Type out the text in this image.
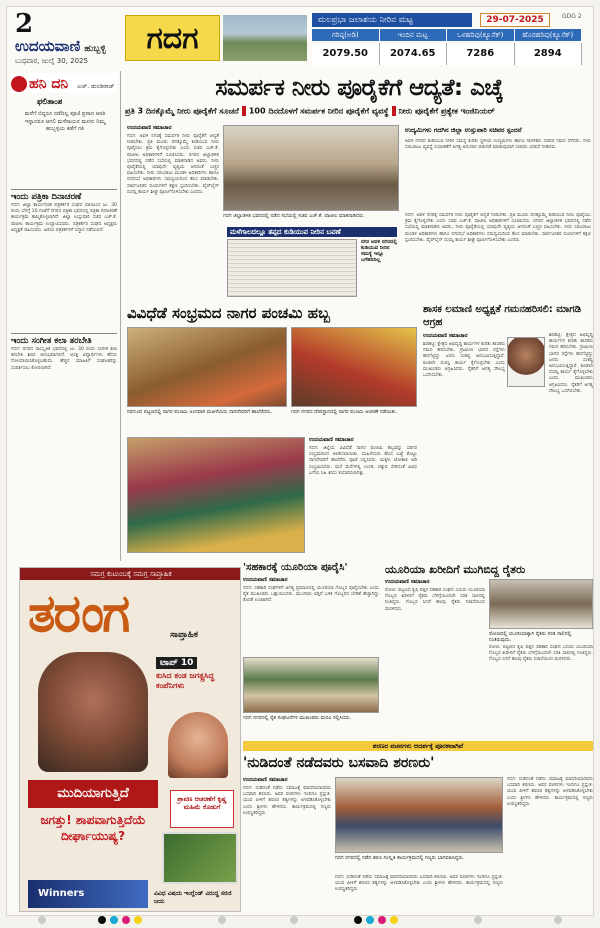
2
ಉದಯವಾಣಿ ಹುಬ್ಬಳ್ಳಿ
ಬುಧವಾರ, ಜುಲೈ 30, 2025
ಗದಗ
ಮಲಪ್ರಭಾ ಜಲಾಶಯ ನೀರಿನ ಮಟ್ಟ	29-07-2025	GDG 2
ಗರಿಷ್ಠ(ಅಡಿ)	ಇಂದಿನ ಮಟ್ಟ	ಒಳಹರಿವು(ಕ್ಯೂಸೆಕ್)	ಹೊರಹರಿವು(ಕ್ಯೂಸೆಕ್)
2079.50	2074.65	7286	2894
ಹನಿ ದನಿ ಎಚ್. ಡುಂಡಿರಾಜ್
ಫಲಿತಾಂಶ
ಮಳೆಗೆ ಬಿದ್ದರೂ ನಡೆದಿಲ್ಲ ಪೂಜೆ ಪ್ರಸಾದ ಆರತಿ ಇನ್ನಾದರೂ ಆಗಲಿ ಮಳೆರಾಯನ ಮನಸು ನಿಮ್ಮ ಹುಬ್ಬಳ್ಳಿಯ ಕಡೆಗೆ ಗತಿ
ಇಂದು ಪತ್ರಿಕಾ ದಿನಾಚರಣೆ
ಗದಗ: ಜಿಲ್ಲಾ ಕಾರ್ಯನಿರತ ಪತ್ರಕರ್ತರ ಸಂಘದ ವತಿಯಿಂದ ಜು. 30 ರಂದು ಬೆಳಗ್ಗೆ 10 ಗಂಟೆಗೆ ನಗರದ ಪತ್ರಿಕಾ ಭವನದಲ್ಲಿ ಪತ್ರಿಕಾ ದಿನಾಚರಣೆ ಕಾರ್ಯಕ್ರಮ ಹಮ್ಮಿಕೊಳ್ಳಲಾಗಿದೆ. ಜಿಲ್ಲಾ ಉಸ್ತುವಾರಿ ಸಚಿವ ಎಚ್.ಕೆ. ಪಾಟೀಲ ಕಾರ್ಯಕ್ರಮ ಉದ್ಘಾಟಿಸುವರು. ಪತ್ರಕರ್ತರ ಸಂಘದ ಅಧ್ಯಕ್ಷರು ಅಧ್ಯಕ್ಷತೆ ವಹಿಸುವರು. ಹಿರಿಯ ಪತ್ರಕರ್ತರಿಗೆ ಸನ್ಮಾನ ನಡೆಯಲಿದೆ.
ಇಂದು ಸಂಗೀತ ಕಲಾ ತರಬೇತಿ
ಗದಗ: ನಗರದ ಸಾಂಸ್ಕೃತಿಕ ಭವನದಲ್ಲಿ ಜು. 30 ರಂದು ಸಂಗೀತ ಕಲಾ ತರಬೇತಿ ಶಿಬಿರ ಆರಂಭವಾಗಲಿದೆ. ಆಸಕ್ತ ವಿದ್ಯಾರ್ಥಿಗಳು ಹೆಸರು ನೋಂದಾಯಿಸಿಕೊಳ್ಳಬಹುದು. ಹೆಚ್ಚಿನ ಮಾಹಿತಿಗೆ ಸಂಘಟಕರನ್ನು ಸಂಪರ್ಕಿಸಲು ಕೋರಲಾಗಿದೆ.
ಸಮರ್ಪಕ ನೀರು ಪೂರೈಕೆಗೆ ಆದ್ಯತೆ: ಎಚ್ಕೆ
ಪ್ರತಿ 3 ದಿನಕ್ಕೊಮ್ಮೆ ನೀರು ಪೂರೈಕೆಗೆ ಸೂಚನೆ 100 ದಿನದೊಳಗೆ ಸಮರ್ಪಕ ನೀರಿನ ಪೂರೈಕೆಗೆ ವ್ಯವಸ್ಥೆ ನೀರು ಪೂರೈಕೆಗೆ ಪ್ರತ್ಯೇಕ ಇಂಜಿನಿಯರ್
ಉದಯವಾಣಿ ಸಮಾಚಾರ
ಗದಗ: ಅವಳಿ ನಗರಕ್ಕೆ ಸಮರ್ಪಕ ನೀರು ಪೂರೈಕೆಗೆ ಆದ್ಯತೆ ನೀಡಬೇಕು. ಪ್ರತಿ ಮೂರು ದಿನಕ್ಕೊಮ್ಮೆ ಕುಡಿಯುವ ನೀರು ಪೂರೈಸಲು ಕ್ರಮ ಕೈಗೊಳ್ಳಬೇಕು ಎಂದು ಸಚಿವ ಎಚ್.ಕೆ. ಪಾಟೀಲ ಅಧಿಕಾರಿಗಳಿಗೆ ಸೂಚಿಸಿದರು. ನಗರದ ಜಿಲ್ಲಾಡಳಿತ ಭವನದಲ್ಲಿ ನಡೆದ ಸಭೆಯಲ್ಲಿ ಮಾತನಾಡಿದ ಅವರು, ನೀರು ಪೂರೈಕೆಯಲ್ಲಿ ಯಾವುದೇ ವ್ಯತ್ಯಯ ಆಗದಂತೆ ಎಚ್ಚರ ವಹಿಸಬೇಕು. ನೀರು ಸರಬರಾಜು ಮಂಡಳಿ ಅಧಿಕಾರಿಗಳು ಹಾಗೂ ನಗರಸಭೆ ಅಧಿಕಾರಿಗಳು ಸಮನ್ವಯದಿಂದ ಕೆಲಸ ಮಾಡಬೇಕು. ಸಾರ್ವಜನಿಕರ ದೂರುಗಳಿಗೆ ತಕ್ಷಣ ಸ್ಪಂದಿಸಬೇಕು. ಪೈಪ್‌ಲೈನ್ ದುರಸ್ತಿ ಕಾರ್ಯ ಶೀಘ್ರ ಪೂರ್ಣಗೊಳಿಸಬೇಕು ಎಂದರು.
ಗದಗ ಜಿಲ್ಲಾಡಳಿತ ಭವನದಲ್ಲಿ ನಡೆದ ಸಭೆಯಲ್ಲಿ ಸಚಿವ ಎಚ್.ಕೆ. ಪಾಟೀಲ ಮಾತನಾಡಿದರು.
ಉದ್ಯಮಿಗಳು ಗದಗಿನ ಜಿಲ್ಲಾ ಉಸ್ತುವಾರಿ ಸಚಿವರ ಸ್ಪಂದನೆ
ಅವಳಿ ನಗರದ ಕುಡಿಯುವ ನೀರಿನ ಸಮಸ್ಯೆ ಕುರಿತು ಸ್ಥಳೀಯ ಉದ್ಯಮಿಗಳು ಹಾಗೂ ನಾಗರಿಕರು ಸಚಿವರ ಗಮನ ಸೆಳೆದರು. ನೀರು ಸರಬರಾಜು ವ್ಯವಸ್ಥೆ ಸುಧಾರಣೆಗೆ ಅಗತ್ಯ ಅನುದಾನ ಬಿಡುಗಡೆ ಮಾಡುವುದಾಗಿ ಸಚಿವರು ಭರವಸೆ ನೀಡಿದರು.
ಮಳೆಗಾಲದಲ್ಲೂ ತಪ್ಪದ ಕುಡಿಯುವ ನೀರಿನ ಬವಣೆ
ನಗರ ಅವಳಿ ನಗರದಲ್ಲಿ ಕುಡಿಯುವ ನೀರಿನ ಸಮಸ್ಯೆ ಇನ್ನೂ ಬಗೆಹರಿದಿಲ್ಲ
ಗದಗ: ಅವಳಿ ನಗರಕ್ಕೆ ಸಮರ್ಪಕ ನೀರು ಪೂರೈಕೆಗೆ ಆದ್ಯತೆ ನೀಡಬೇಕು. ಪ್ರತಿ ಮೂರು ದಿನಕ್ಕೊಮ್ಮೆ ಕುಡಿಯುವ ನೀರು ಪೂರೈಸಲು ಕ್ರಮ ಕೈಗೊಳ್ಳಬೇಕು ಎಂದು ಸಚಿವ ಎಚ್.ಕೆ. ಪಾಟೀಲ ಅಧಿಕಾರಿಗಳಿಗೆ ಸೂಚಿಸಿದರು. ನಗರದ ಜಿಲ್ಲಾಡಳಿತ ಭವನದಲ್ಲಿ ನಡೆದ ಸಭೆಯಲ್ಲಿ ಮಾತನಾಡಿದ ಅವರು, ನೀರು ಪೂರೈಕೆಯಲ್ಲಿ ಯಾವುದೇ ವ್ಯತ್ಯಯ ಆಗದಂತೆ ಎಚ್ಚರ ವಹಿಸಬೇಕು. ನೀರು ಸರಬರಾಜು ಮಂಡಳಿ ಅಧಿಕಾರಿಗಳು ಹಾಗೂ ನಗರಸಭೆ ಅಧಿಕಾರಿಗಳು ಸಮನ್ವಯದಿಂದ ಕೆಲಸ ಮಾಡಬೇಕು. ಸಾರ್ವಜನಿಕರ ದೂರುಗಳಿಗೆ ತಕ್ಷಣ ಸ್ಪಂದಿಸಬೇಕು. ಪೈಪ್‌ಲೈನ್ ದುರಸ್ತಿ ಕಾರ್ಯ ಶೀಘ್ರ ಪೂರ್ಣಗೊಳಿಸಬೇಕು ಎಂದರು.
ವಿವಿಧೆಡೆ ಸಂಭ್ರಮದ ನಾಗರ ಪಂಚಮಿ ಹಬ್ಬ
ನರಗುಂದ ಪಟ್ಟಣದಲ್ಲಿ ನಾಗರ ಪಂಚಮಿ ಅಂಗವಾಗಿ ಮಹಿಳೆಯರು ನಾಗದೇವರಿಗೆ ಹಾಲೆರೆದರು.	ಗದಗ ನಗರದ ದೇವಸ್ಥಾನದಲ್ಲಿ ನಾಗರ ಪಂಚಮಿ ಆಚರಣೆ ನಡೆಯಿತು.
ಉದಯವಾಣಿ ಸಮಾಚಾರ
ಗದಗ: ಜಿಲ್ಲೆಯ ವಿವಿಧೆಡೆ ನಾಗರ ಪಂಚಮಿ ಹಬ್ಬವನ್ನು ಸಡಗರ ಸಂಭ್ರಮದಿಂದ ಆಚರಿಸಲಾಯಿತು. ಮಹಿಳೆಯರು ಹೊಸ ಬಟ್ಟೆ ತೊಟ್ಟು ನಾಗದೇವರಿಗೆ ಹಾಲೆರೆದು ಪೂಜೆ ಸಲ್ಲಿಸಿದರು. ಮಕ್ಕಳು ಜೋಕಾಲಿ ಆಡಿ ಸಂಭ್ರಮಿಸಿದರು. ಮನೆ ಮನೆಗಳಲ್ಲಿ ಉಂಡಿ, ಚಕ್ಕುಲಿ ಸೇರಿದಂತೆ ವಿವಿಧ ಬಗೆಯ ಸಿಹಿ ತಿನಿಸು ತಯಾರಿಸಲಾಗಿತ್ತು.
ಶಾಸಕ ಲಮಾಣಿ ಅಧ್ಯಕ್ಷತೆ ಗಮನಹರಿಸಲಿ: ಮಾಗಡಿ ಆಗ್ರಹ
ಉದಯವಾಣಿ ಸಮಾಚಾರ
ಶಿರಹಟ್ಟಿ: ಕ್ಷೇತ್ರದ ಅಭಿವೃದ್ಧಿ ಕಾರ್ಯಗಳ ಕುರಿತು ಶಾಸಕರು ಗಮನ ಹರಿಸಬೇಕು. ಗ್ರಾಮೀಣ ಭಾಗದ ರಸ್ತೆಗಳು ಹದಗೆಟ್ಟಿದ್ದು ಜನರು ಸಂಕಷ್ಟ ಅನುಭವಿಸುತ್ತಿದ್ದಾರೆ. ಕೂಡಲೇ ದುರಸ್ತಿ ಕಾರ್ಯ ಕೈಗೊಳ್ಳಬೇಕು ಎಂದು ಮುಖಂಡರು ಆಗ್ರಹಿಸಿದರು. ರೈತರಿಗೆ ಅಗತ್ಯ ಸೌಲಭ್ಯ ಒದಗಿಸಬೇಕು.
ಶಿರಹಟ್ಟಿ: ಕ್ಷೇತ್ರದ ಅಭಿವೃದ್ಧಿ ಕಾರ್ಯಗಳ ಕುರಿತು ಶಾಸಕರು ಗಮನ ಹರಿಸಬೇಕು. ಗ್ರಾಮೀಣ ಭಾಗದ ರಸ್ತೆಗಳು ಹದಗೆಟ್ಟಿದ್ದು ಜನರು ಸಂಕಷ್ಟ ಅನುಭವಿಸುತ್ತಿದ್ದಾರೆ. ಕೂಡಲೇ ದುರಸ್ತಿ ಕಾರ್ಯ ಕೈಗೊಳ್ಳಬೇಕು ಎಂದು ಮುಖಂಡರು ಆಗ್ರಹಿಸಿದರು. ರೈತರಿಗೆ ಅಗತ್ಯ ಸೌಲಭ್ಯ ಒದಗಿಸಬೇಕು.
ಸಮಗ್ರ ಕುಟುಂಬಕ್ಕೆ ಸಮಗ್ರ ಸಾಪ್ತಾಹಿಕ
ತರಂಗ	ಸಾಪ್ತಾಹಿಕ
ಟಾಪ್ 10
ಕುಸಿದ ಕಂಡ ಜಗತ್ಪ್ರಸಿದ್ಧ ಕಂಪೆನಿಗಳು
ಮುದಿಯಾಗುತ್ತಿದೆ
ಜಗತ್ತು! ಶಾಪವಾಗುತ್ತಿದೆಯೆ ದೀರ್ಘಾಯುಷ್ಯ?
ಶ್ರಾವಣ ಆಚರಣೆಗೆ ಕೃಷ್ಣ ಮಹಿಮೆ ಕೊಡುಗೆ
Winners	ವಿವಿಧ ವಿಷಯ ಇಂಗ್ಲೆಂಡ್ ವಿರುದ್ಧ ಸರಣಿ ಜಯ
'ಸಹಕಾರಕ್ಕೆ ಯೂರಿಯಾ ಪೂರೈಸಿ'
ಉದಯವಾಣಿ ಸಮಾಚಾರ
ಗದಗ: ಸಹಕಾರಿ ಸಂಘಗಳಿಗೆ ಅಗತ್ಯ ಪ್ರಮಾಣದಲ್ಲಿ ಯೂರಿಯಾ ಗೊಬ್ಬರ ಪೂರೈಸಬೇಕು ಎಂದು ರೈತ ಮುಖಂಡರು ಒತ್ತಾಯಿಸಿದರು. ಮುಂಗಾರು ಬಿತ್ತನೆ ಬಳಿಕ ಗೊಬ್ಬರದ ಬೇಡಿಕೆ ಹೆಚ್ಚಾಗಿದ್ದು ಕೊರತೆ ಉಂಟಾಗಿದೆ.
ಗದಗ ನಗರದಲ್ಲಿ ರೈತ ಸಂಘಟನೆಗಳ ಮುಖಂಡರು ಮನವಿ ಸಲ್ಲಿಸಿದರು.
ಯೂರಿಯಾ ಖರೀದಿಗೆ ಮುಗಿಬಿದ್ದ ರೈತರು
ಉದಯವಾಣಿ ಸಮಾಚಾರ
ರೋಣ: ಪಟ್ಟಣದ ಕೃಷಿ ಪತ್ತಿನ ಸಹಕಾರಿ ಸಂಘದ ಎದುರು ಯೂರಿಯಾ ಗೊಬ್ಬರ ಖರೀದಿಗೆ ರೈತರು ಬೆಳಗ್ಗೆಯಿಂದಲೇ ಸರತಿ ಸಾಲಿನಲ್ಲಿ ನಿಂತಿದ್ದರು. ಗೊಬ್ಬರ ಸಿಗದೆ ಹಲವು ರೈತರು ನಿರಾಸೆಯಿಂದ ಮರಳಿದರು.
ರೋಣದಲ್ಲಿ ಯೂರಿಯಾಕ್ಕಾಗಿ ರೈತರು ಸರತಿ ಸಾಲಿನಲ್ಲಿ ನಿಂತಿರುವುದು.
ರೋಣ: ಪಟ್ಟಣದ ಕೃಷಿ ಪತ್ತಿನ ಸಹಕಾರಿ ಸಂಘದ ಎದುರು ಯೂರಿಯಾ ಗೊಬ್ಬರ ಖರೀದಿಗೆ ರೈತರು ಬೆಳಗ್ಗೆಯಿಂದಲೇ ಸರತಿ ಸಾಲಿನಲ್ಲಿ ನಿಂತಿದ್ದರು. ಗೊಬ್ಬರ ಸಿಗದೆ ಹಲವು ರೈತರು ನಿರಾಸೆಯಿಂದ ಮರಳಿದರು.
ಶರಣರ ವಚನಗಳು ಆದರ್ಶಕ್ಕೆ ಪೂರಕವಾಗಿವೆ
'ನುಡಿದಂತೆ ನಡೆದವರು ಬಸವಾದಿ ಶರಣರು'
ಉದಯವಾಣಿ ಸಮಾಚಾರ
ಗದಗ: ನುಡಿದಂತೆ ನಡೆದು ಸಮಾಜಕ್ಕೆ ಮಾದರಿಯಾದವರು ಬಸವಾದಿ ಶರಣರು. ಅವರ ವಚನಗಳು ಇಂದಿಗೂ ಪ್ರಸ್ತುತ. ಯುವ ಪೀಳಿಗೆ ಶರಣರ ತತ್ವಗಳನ್ನು ಅಳವಡಿಸಿಕೊಳ್ಳಬೇಕು ಎಂದು ಶ್ರೀಗಳು ಹೇಳಿದರು. ಕಾರ್ಯಕ್ರಮದಲ್ಲಿ ಗಣ್ಯರು ಉಪಸ್ಥಿತರಿದ್ದರು.
ಗದಗ ನಗರದಲ್ಲಿ ನಡೆದ ಶರಣ ಸಂಸ್ಕೃತಿ ಕಾರ್ಯಕ್ರಮದಲ್ಲಿ ಗಣ್ಯರು ಭಾಗವಹಿಸಿದ್ದರು.
ಗದಗ: ನುಡಿದಂತೆ ನಡೆದು ಸಮಾಜಕ್ಕೆ ಮಾದರಿಯಾದವರು ಬಸವಾದಿ ಶರಣರು. ಅವರ ವಚನಗಳು ಇಂದಿಗೂ ಪ್ರಸ್ತುತ. ಯುವ ಪೀಳಿಗೆ ಶರಣರ ತತ್ವಗಳನ್ನು ಅಳವಡಿಸಿಕೊಳ್ಳಬೇಕು ಎಂದು ಶ್ರೀಗಳು ಹೇಳಿದರು. ಕಾರ್ಯಕ್ರಮದಲ್ಲಿ ಗಣ್ಯರು ಉಪಸ್ಥಿತರಿದ್ದರು.
ಗದಗ: ನುಡಿದಂತೆ ನಡೆದು ಸಮಾಜಕ್ಕೆ ಮಾದರಿಯಾದವರು ಬಸವಾದಿ ಶರಣರು. ಅವರ ವಚನಗಳು ಇಂದಿಗೂ ಪ್ರಸ್ತುತ. ಯುವ ಪೀಳಿಗೆ ಶರಣರ ತತ್ವಗಳನ್ನು ಅಳವಡಿಸಿಕೊಳ್ಳಬೇಕು ಎಂದು ಶ್ರೀಗಳು ಹೇಳಿದರು. ಕಾರ್ಯಕ್ರಮದಲ್ಲಿ ಗಣ್ಯರು ಉಪಸ್ಥಿತರಿದ್ದರು.
